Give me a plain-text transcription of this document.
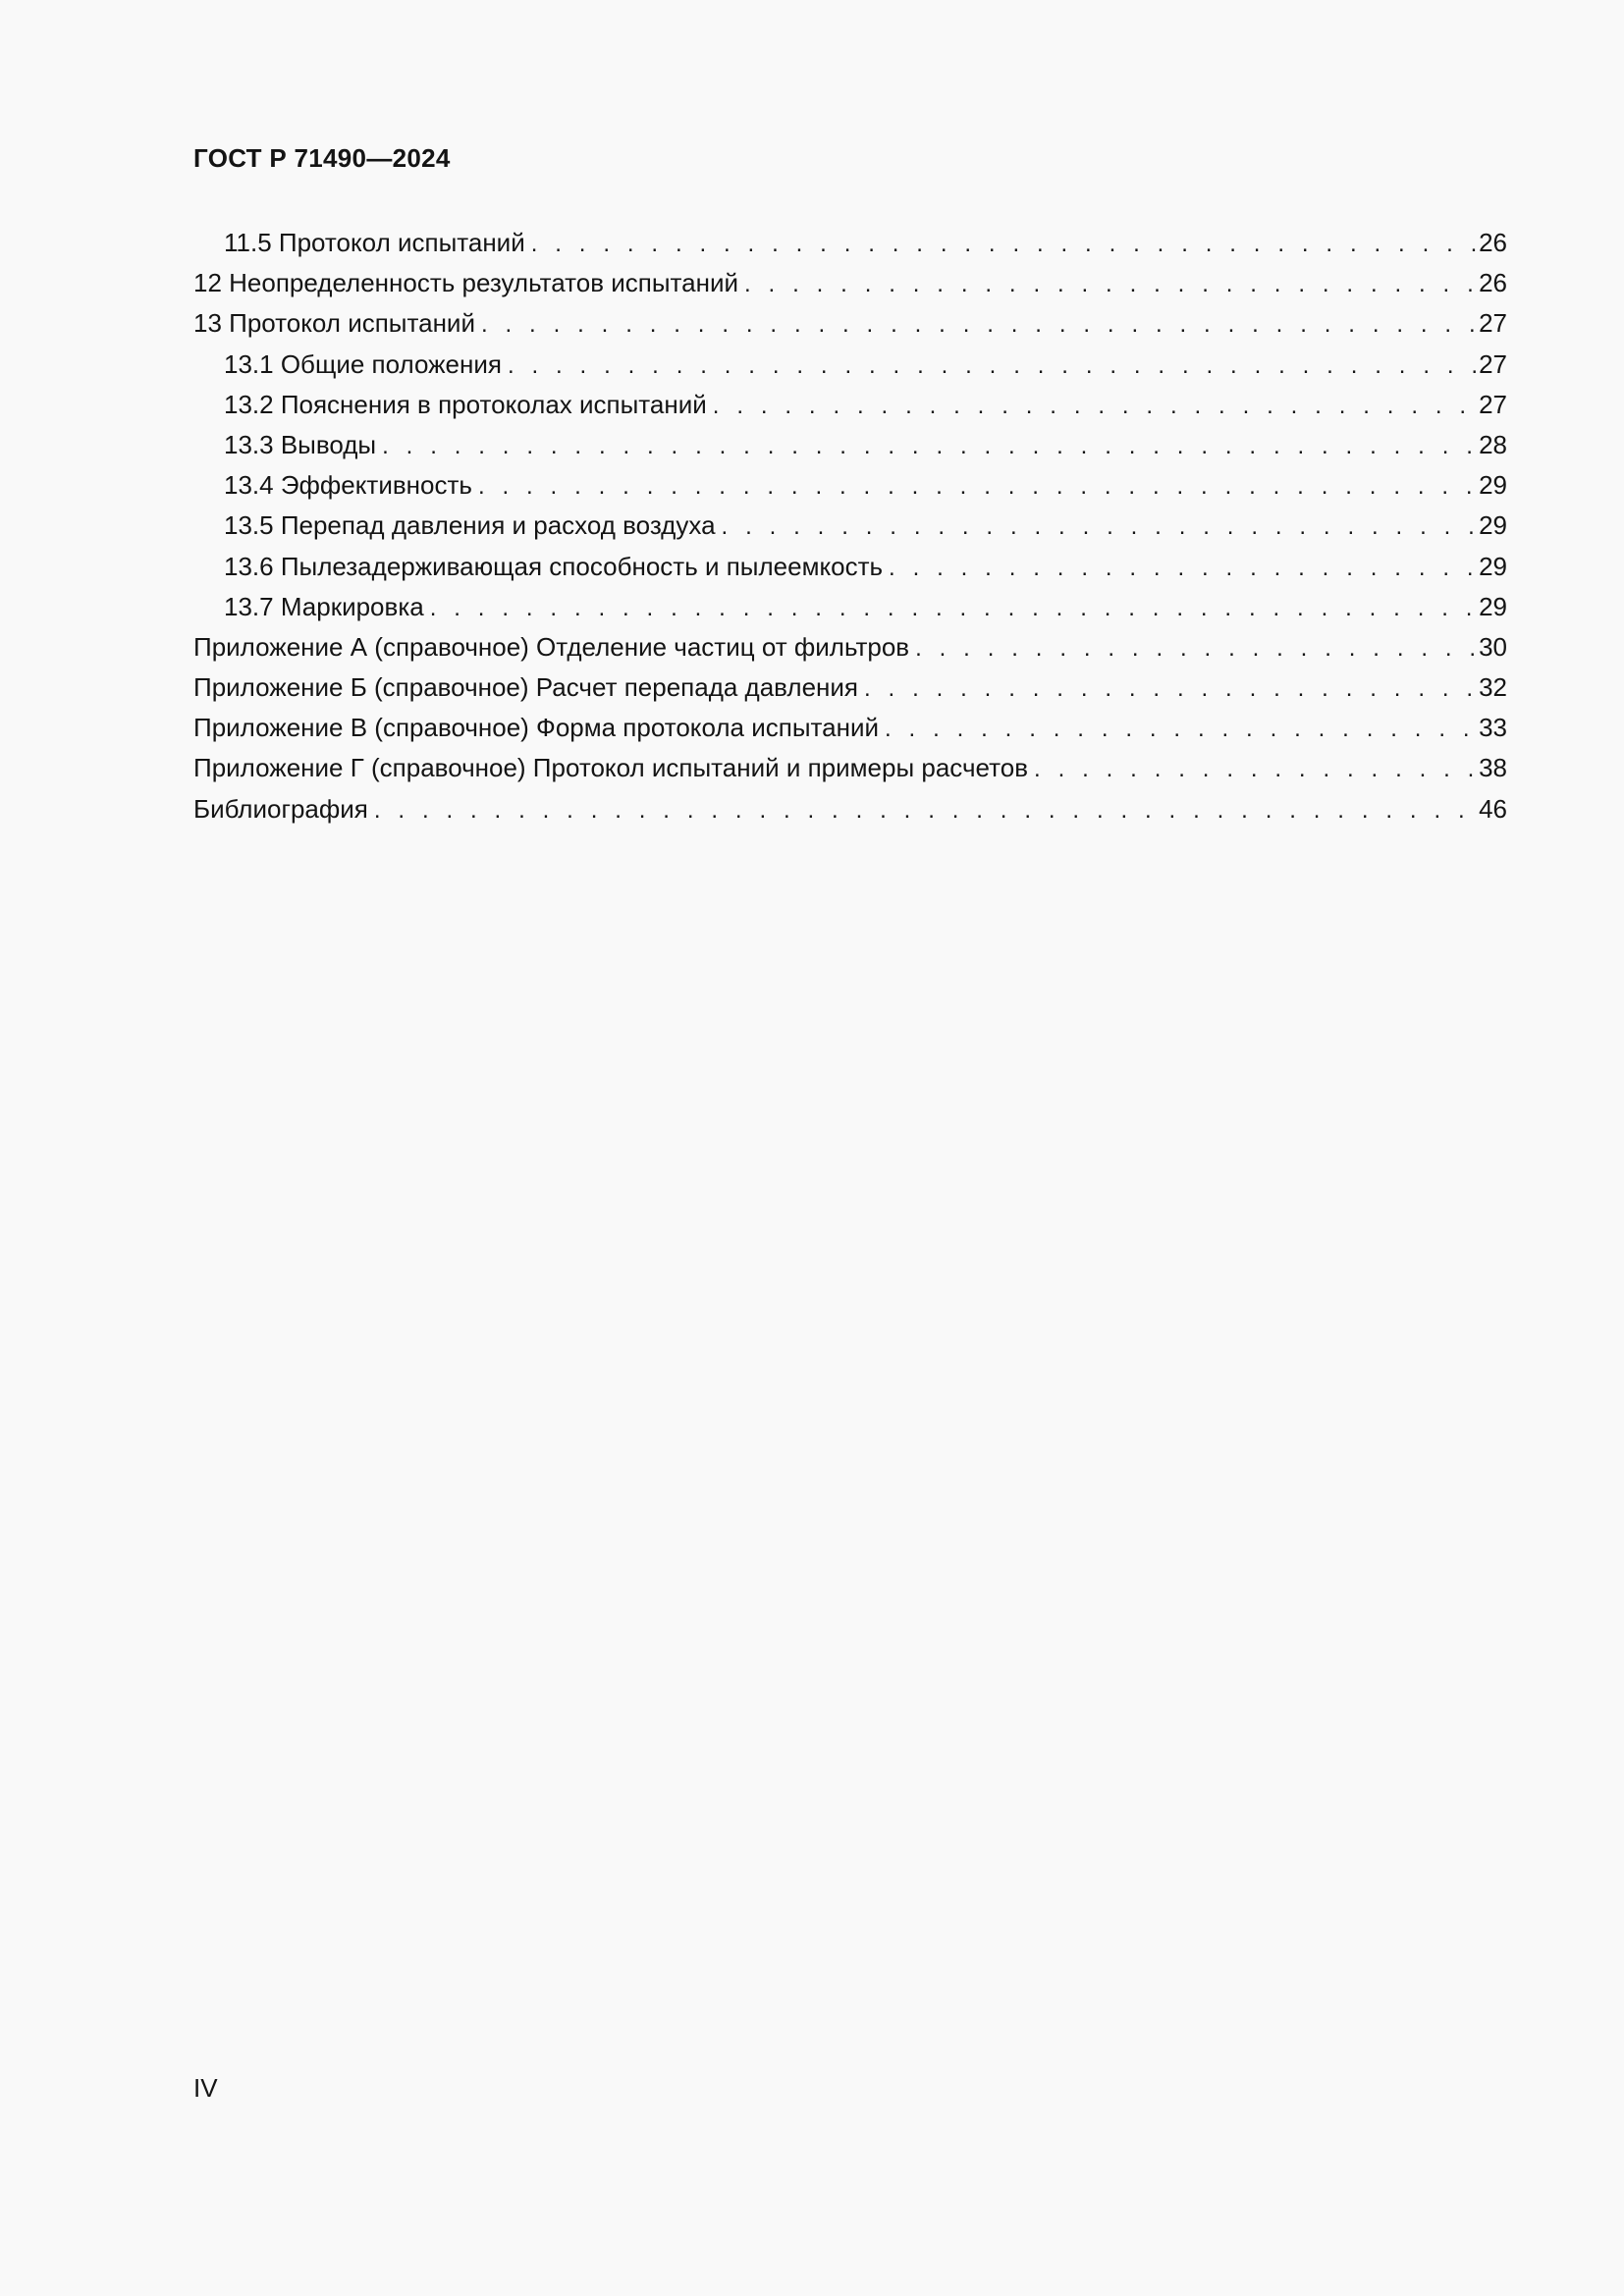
ГОСТ Р 71490—2024
11.5 Протокол испытаний . . .	26
12 Неопределенность результатов испытаний . . .	26
13 Протокол испытаний . . .	27
13.1 Общие положения . . .	27
13.2 Пояснения в протоколах испытаний . . .	27
13.3 Выводы . . .	28
13.4 Эффективность . . .	29
13.5 Перепад давления и расход воздуха . . .	29
13.6 Пылезадерживающая способность и пылеемкость . . .	29
13.7 Маркировка . . .	29
Приложение А (справочное) Отделение частиц от фильтров . . .	30
Приложение Б (справочное) Расчет перепада давления . . .	32
Приложение В (справочное) Форма протокола испытаний . . .	33
Приложение Г (справочное) Протокол испытаний и примеры расчетов . . .	38
Библиография . . .	46
IV
